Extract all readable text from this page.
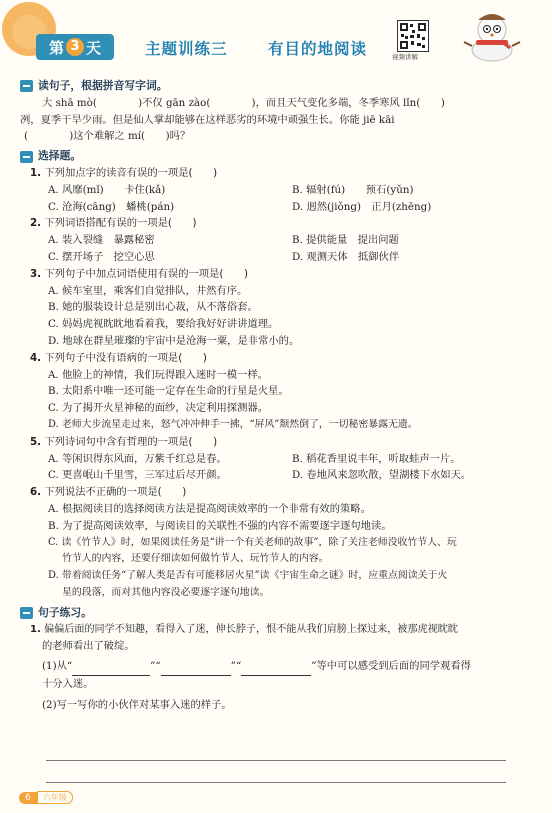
第 3 天	主题训练三	有目的地阅读	视频讲解
读句子，根据拼音写字词。
大 shā mò(　　　　)不仅 gān zào(　　　　)，而且天气变化多端，冬季寒风 lǐn(　　)
冽，夏季干旱少雨。但是仙人掌却能够在这样恶劣的环境中顽强生长。你能 jiē kāi
(　　　　)这个难解之 mí(　　)吗？
选择题。
1. 下列加点字的读音有误的一项是(　　)
A. 风靡(mǐ)　　卡住(kǎ)	B. 辐射(fú)　　预石(yǔn)
C. 沧海(cāng)　蟠桃(pán)	D. 迥然(jiǒng)　正月(zhēng)
2. 下列词语搭配有误的一项是(　　)
A. 装入裂缝　暴露秘密	B. 提供能量　提出问题
C. 摆开场子　挖空心思	D. 观测天体　抵御伙伴
3. 下列句子中加点词语使用有误的一项是(　　)
A. 候车室里，乘客们自觉排队，井然有序。
B. 她的服装设计总是别出心裁，从不落俗套。
C. 妈妈虎视眈眈地看着我，要给我好好讲讲道理。
D. 地球在群星璀璨的宇宙中是沧海一粟，是非常小的。
4. 下列句子中没有语病的一项是(　　)
A. 他脸上的神情，我们玩得跟入迷时一模一样。
B. 太阳系中唯一还可能一定存在生命的行星是火星。
C. 为了揭开火星神秘的面纱，决定利用探测器。
D. 老师大步流星走过来，怒气冲冲伸手一拂，“屏风”颓然倒了，一切秘密暴露无遗。
5. 下列诗词句中含有哲理的一项是(　　)
A. 等闲识得东风面，万紫千红总是春。	B. 稻花香里说丰年，听取蛙声一片。
C. 更喜岷山千里雪，三军过后尽开颜。	D. 卷地风来忽吹散，望湖楼下水如天。
6. 下列说法不正确的一项是(　　)
A. 根据阅读目的选择阅读方法是提高阅读效率的一个非常有效的策略。
B. 为了提高阅读效率，与阅读目的关联性不强的内容不需要逐字逐句地读。
C. 读《竹节人》时，如果阅读任务是“讲一个有关老师的故事”，除了关注老师没收竹节人、玩
竹节人的内容，还要仔细读如何做竹节人、玩竹节人的内容。
D. 带着阅读任务“了解人类是否有可能移居火星”读《宇宙生命之谜》时，应重点阅读关于火
星的段落，而对其他内容没必要逐字逐句地读。
句子练习。
1. 偏偏后面的同学不知趣，看得入了迷，伸长脖子，恨不能从我们肩膀上探过来，被那虎视眈眈
的老师看出了破绽。
(1)从“	”“	”“	”等中可以感受到后面的同学观看得
十分入迷。
(2)写一写你的小伙伴对某事入迷的样子。
6	六年级
